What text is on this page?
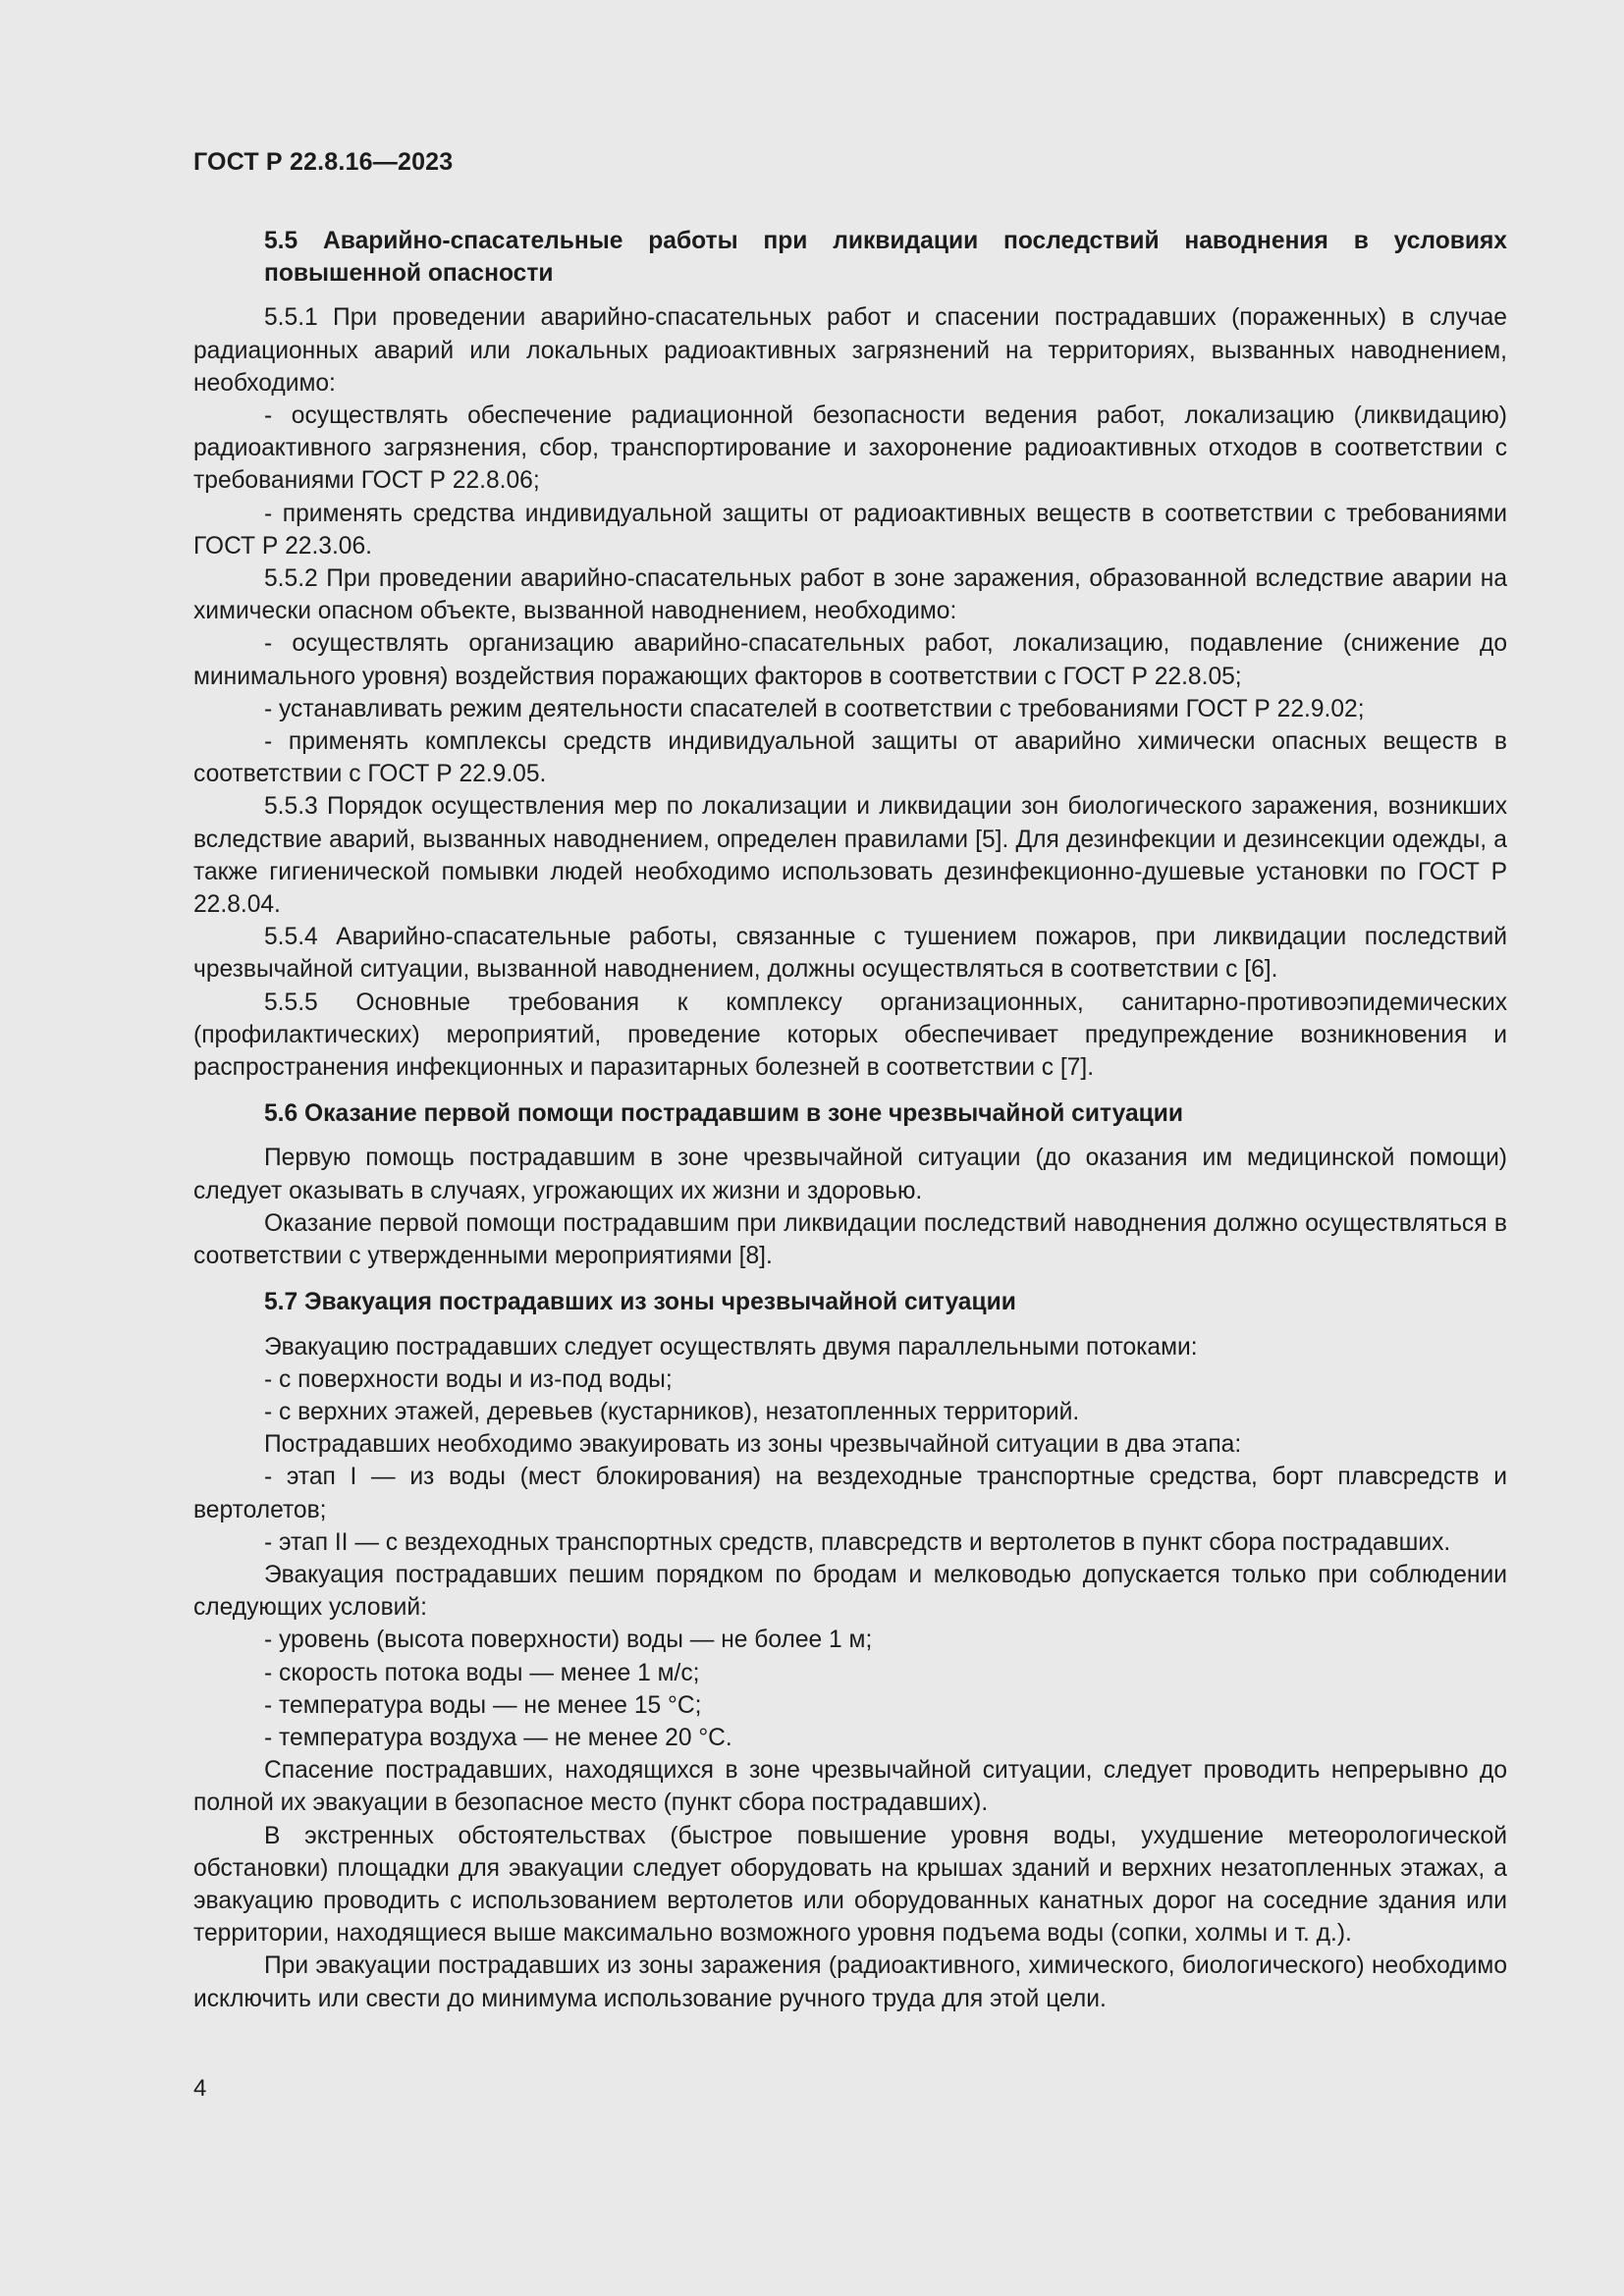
ГОСТ Р 22.8.16—2023

5.5 Аварийно-спасательные работы при ликвидации последствий наводнения в условиях повышенной опасности

5.5.1 При проведении аварийно-спасательных работ и спасении пострадавших (пораженных) в случае радиационных аварий или локальных радиоактивных загрязнений на территориях, вызванных наводнением, необходимо:

- осуществлять обеспечение радиационной безопасности ведения работ, локализацию (ликвидацию) радиоактивного загрязнения, сбор, транспортирование и захоронение радиоактивных отходов в соответствии с требованиями ГОСТ Р 22.8.06;

- применять средства индивидуальной защиты от радиоактивных веществ в соответствии с требованиями ГОСТ Р 22.3.06.

5.5.2 При проведении аварийно-спасательных работ в зоне заражения, образованной вследствие аварии на химически опасном объекте, вызванной наводнением, необходимо:

- осуществлять организацию аварийно-спасательных работ, локализацию, подавление (снижение до минимального уровня) воздействия поражающих факторов в соответствии с ГОСТ Р 22.8.05;

- устанавливать режим деятельности спасателей в соответствии с требованиями ГОСТ Р 22.9.02;

- применять комплексы средств индивидуальной защиты от аварийно химически опасных веществ в соответствии с ГОСТ Р 22.9.05.

5.5.3 Порядок осуществления мер по локализации и ликвидации зон биологического заражения, возникших вследствие аварий, вызванных наводнением, определен правилами [5]. Для дезинфекции и дезинсекции одежды, а также гигиенической помывки людей необходимо использовать дезинфекционно-душевые установки по ГОСТ Р 22.8.04.

5.5.4 Аварийно-спасательные работы, связанные с тушением пожаров, при ликвидации последствий чрезвычайной ситуации, вызванной наводнением, должны осуществляться в соответствии с [6].

5.5.5 Основные требования к комплексу организационных, санитарно-противоэпидемических (профилактических) мероприятий, проведение которых обеспечивает предупреждение возникновения и распространения инфекционных и паразитарных болезней в соответствии с [7].

5.6 Оказание первой помощи пострадавшим в зоне чрезвычайной ситуации

Первую помощь пострадавшим в зоне чрезвычайной ситуации (до оказания им медицинской помощи) следует оказывать в случаях, угрожающих их жизни и здоровью.

Оказание первой помощи пострадавшим при ликвидации последствий наводнения должно осуществляться в соответствии с утвержденными мероприятиями [8].

5.7 Эвакуация пострадавших из зоны чрезвычайной ситуации

Эвакуацию пострадавших следует осуществлять двумя параллельными потоками:

- с поверхности воды и из-под воды;

- с верхних этажей, деревьев (кустарников), незатопленных территорий.

Пострадавших необходимо эвакуировать из зоны чрезвычайной ситуации в два этапа:

- этап I — из воды (мест блокирования) на вездеходные транспортные средства, борт плавсредств и вертолетов;

- этап II — с вездеходных транспортных средств, плавсредств и вертолетов в пункт сбора пострадавших.

Эвакуация пострадавших пешим порядком по бродам и мелководью допускается только при соблюдении следующих условий:

- уровень (высота поверхности) воды — не более 1 м;

- скорость потока воды — менее 1 м/с;

- температура воды — не менее 15 °С;

- температура воздуха — не менее 20 °С.

Спасение пострадавших, находящихся в зоне чрезвычайной ситуации, следует проводить непрерывно до полной их эвакуации в безопасное место (пункт сбора пострадавших).

В экстренных обстоятельствах (быстрое повышение уровня воды, ухудшение метеорологической обстановки) площадки для эвакуации следует оборудовать на крышах зданий и верхних незатопленных этажах, а эвакуацию проводить с использованием вертолетов или оборудованных канатных дорог на соседние здания или территории, находящиеся выше максимально возможного уровня подъема воды (сопки, холмы и т. д.).

При эвакуации пострадавших из зоны заражения (радиоактивного, химического, биологического) необходимо исключить или свести до минимума использование ручного труда для этой цели.

4
